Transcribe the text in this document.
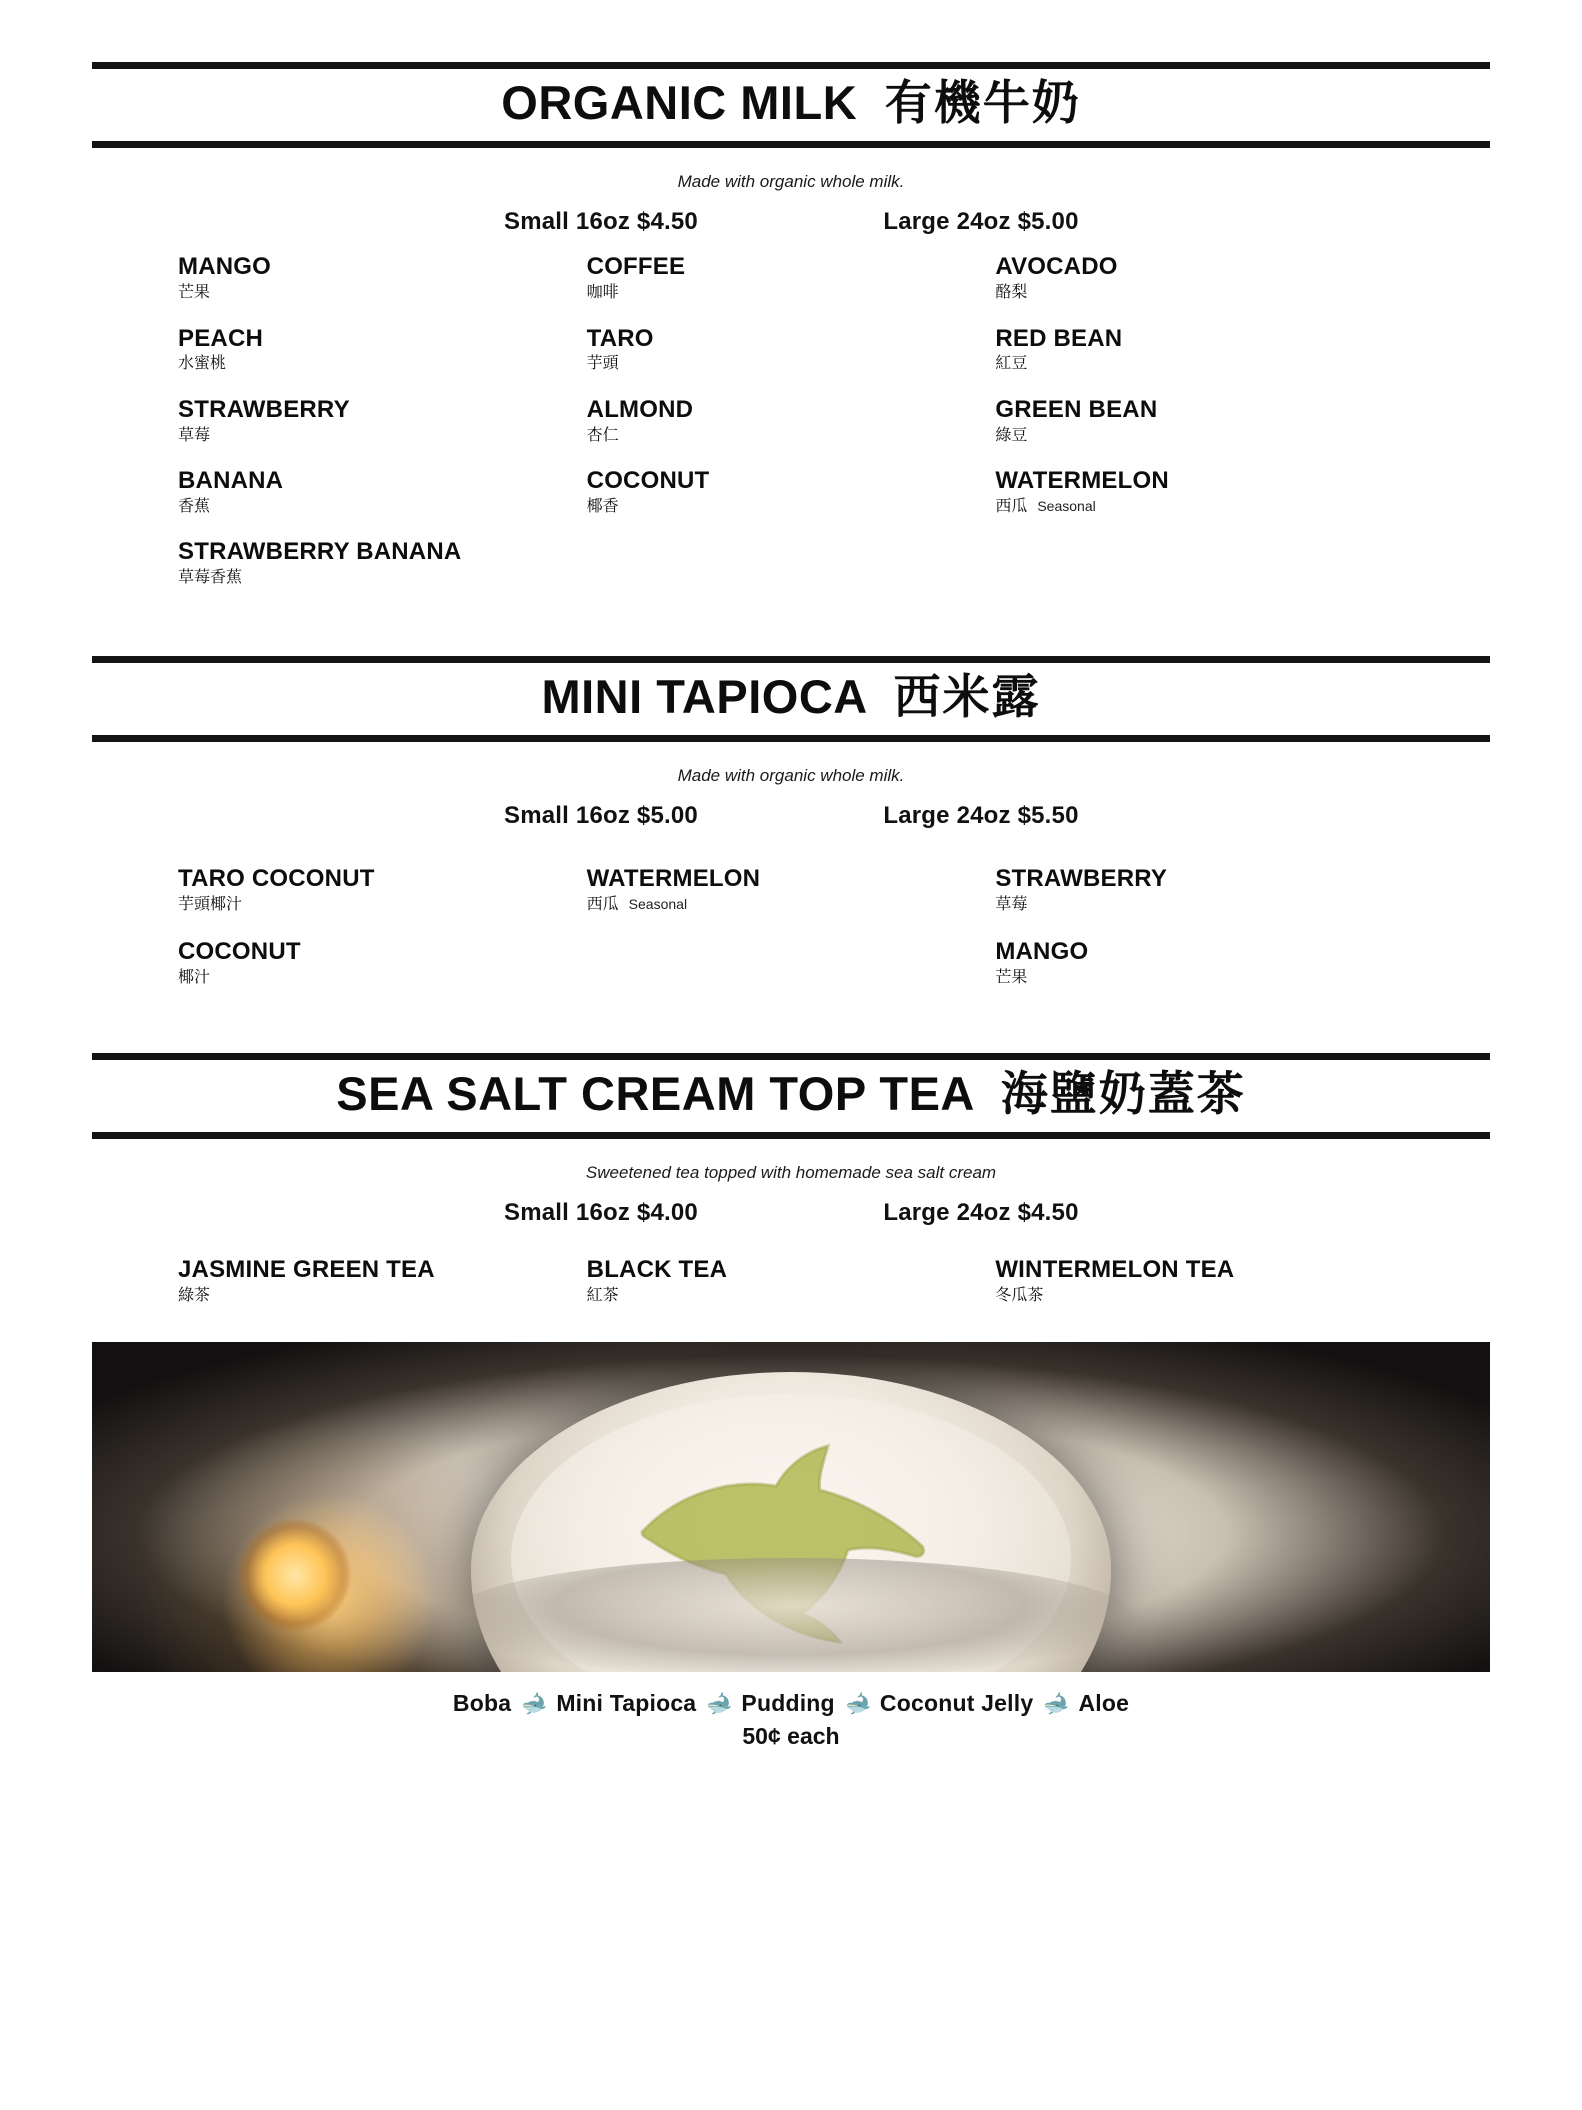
ORGANIC MILK 有機牛奶
Made with organic whole milk.
Small 16oz $4.50	Large 24oz $5.00
MANGO
芒果
COFFEE
咖啡
AVOCADO
酪梨
PEACH
水蜜桃
TARO
芋頭
RED BEAN
紅豆
STRAWBERRY
草莓
ALMOND
杏仁
GREEN BEAN
綠豆
BANANA
香蕉
COCONUT
椰香
WATERMELON
西瓜 Seasonal
STRAWBERRY BANANA
草莓香蕉
MINI TAPIOCA 西米露
Made with organic whole milk.
Small 16oz $5.00	Large 24oz $5.50
TARO COCONUT
芋頭椰汁
WATERMELON
西瓜 Seasonal
STRAWBERRY
草莓
COCONUT
椰汁
MANGO
芒果
SEA SALT CREAM TOP TEA 海鹽奶蓋茶
Sweetened tea topped with homemade sea salt cream
Small 16oz $4.00	Large 24oz $4.50
JASMINE GREEN TEA
綠茶
BLACK TEA
紅茶
WINTERMELON TEA
冬瓜茶
Boba 🐋 Mini Tapioca 🐋 Pudding 🐋 Coconut Jelly 🐋 Aloe
50¢ each
